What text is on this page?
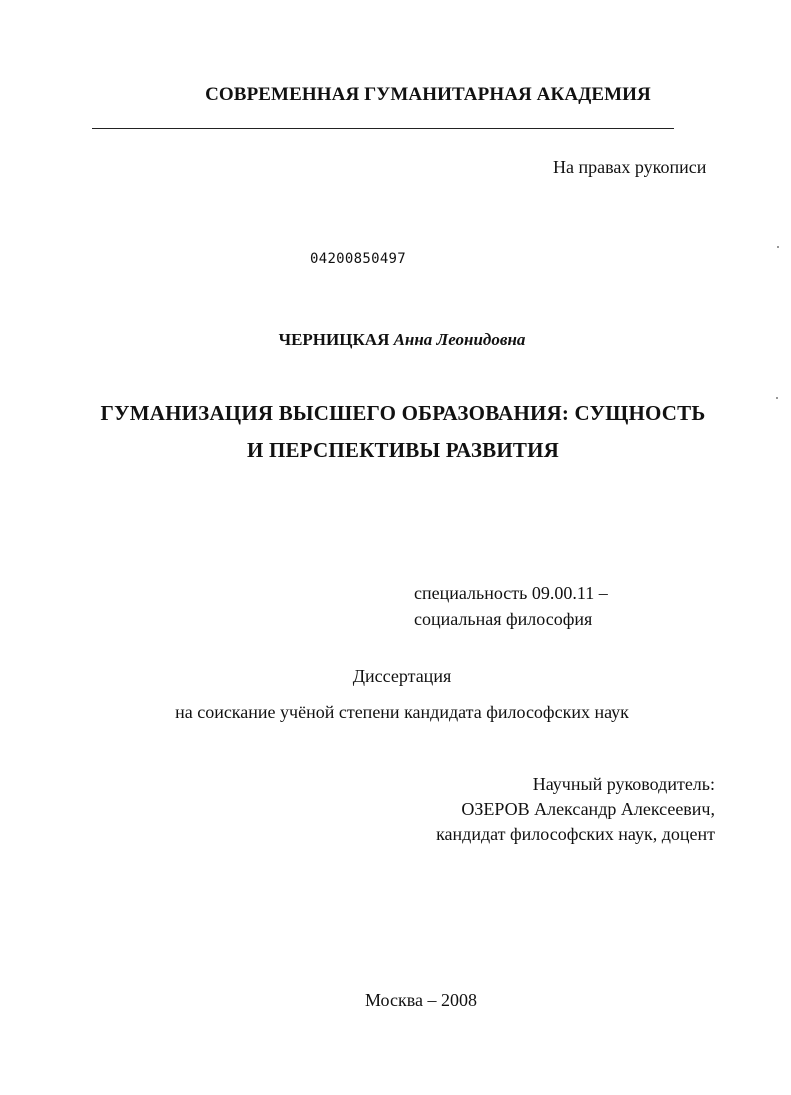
СОВРЕМЕННАЯ ГУМАНИТАРНАЯ АКАДЕМИЯ
На правах рукописи
04200850497
ЧЕРНИЦКАЯ Анна Леонидовна
ГУМАНИЗАЦИЯ ВЫСШЕГО ОБРАЗОВАНИЯ: СУЩНОСТЬ
И ПЕРСПЕКТИВЫ РАЗВИТИЯ
специальность 09.00.11 –
социальная философия
Диссертация
на соискание учёной степени кандидата философских наук
Научный руководитель:
ОЗЕРОВ Александр Алексеевич,
кандидат философских наук, доцент
Москва – 2008
